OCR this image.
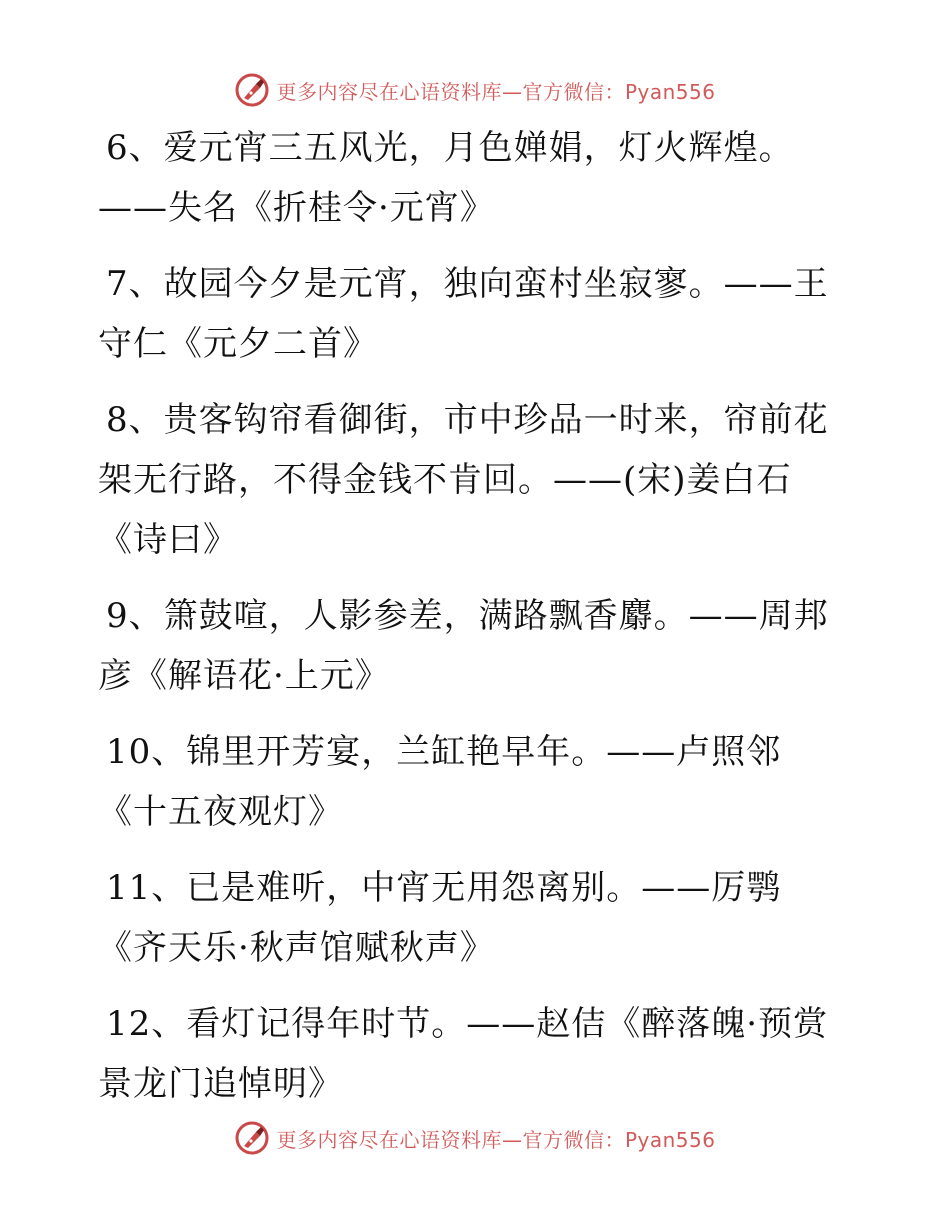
更多内容尽在心语资料库—官方微信：Pyan556

6、爱元宵三五风光，月色婵娟，灯火辉煌。——失名《折桂令·元宵》

7、故园今夕是元宵，独向蛮村坐寂寥。——王守仁《元夕二首》

8、贵客钩帘看御街，市中珍品一时来，帘前花架无行路，不得金钱不肯回。——(宋)姜白石《诗曰》

9、箫鼓喧，人影参差，满路飘香麝。——周邦彦《解语花·上元》

10、锦里开芳宴，兰缸艳早年。——卢照邻《十五夜观灯》

11、已是难听，中宵无用怨离别。——厉鹗《齐天乐·秋声馆赋秋声》

12、看灯记得年时节。——赵佶《醉落魄·预赏景龙门追悼明》

更多内容尽在心语资料库—官方微信：Pyan556
